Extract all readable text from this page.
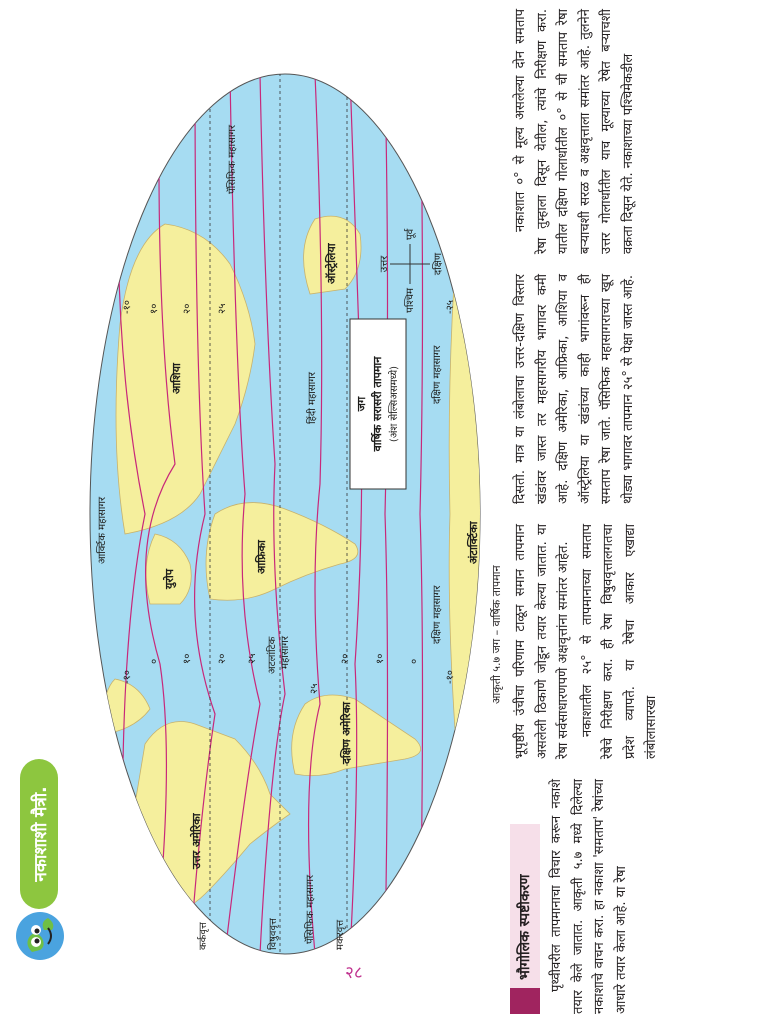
२८
नकाशाशी मैत्री.
कर्कवृत्त	विषुववृत्त	मकरवृत्त
उत्तर अमेरिका
दक्षिण अमेरिका
युरोप
आफ्रिका
आशिया
ऑस्ट्रेलिया
अंटार्क्टिका
पॅसिफिक महासागर
पॅसिफिक महासागर
अटलांटिक महासागर
हिंदी महासागर
आर्क्टिक महासागर
दक्षिण महासागर
दक्षिण महासागर
-१०
० १० २० २५
२५
२० १० ०
-१०
१० २० २५
-१०	-२५
जग वार्षिक सरासरी तापमान (अंश सेल्सिअसमध्ये)
उत्तर
पूर्व
पश्चिम
दक्षिण
आकृती ५.७ जग – वार्षिक तापमान
भौगोलिक स्पष्टीकरण पृथ्वीवरील तापमानाचा विचार करून नकाशे तयार केले जातात. आकृती ५.७ मध्ये दिलेल्या नकाशाचे वाचन करा. हा नकाशा 'समताप' रेषांच्या आधारे तयार केला आहे. या रेषा

भूपृष्ठीय उंचीचा परिणाम टाळून समान तापमान असलेली ठिकाणे जोडून तयार केल्या जातात. या रेषा सर्वसाधारणपणे अक्षवृत्तांना समांतर आहेत. नकाशातील २५° से तापमानाच्या समताप रेषेचे निरीक्षण करा. ही रेषा विषुववृत्तालगतचा प्रदेश व्यापते. या रेषेचा आकार एखाद्या लंबोलासारखा

दिसतो. मात्र या लंबोलाचा उत्तर-दक्षिण विस्तार खंडांवर जास्त तर महासागरीय भागावर कमी आहे. दक्षिण अमेरिका, आफ्रिका, आशिया व ऑस्ट्रेलिया या खंडांच्या काही भागांवरून ही समताप रेषा जाते. पॅसिफिक महासागराच्या खूप थोड्या भागावर तापमान २५° से पेक्षा जास्त आहे.

नकाशात ०° से मूल्य असलेल्या दोन समताप रेषा तुम्हाला दिसून येतील, त्यांचे निरीक्षण करा. यातील दक्षिण गोलार्धातील ०° से ची समताप रेषा बऱ्याचशी सरळ व अक्षवृत्ताला समांतर आहे. तुलनेने उत्तर गोलार्धातील याच मूल्याच्या रेषेत बऱ्याचशी वक्रता दिसून येते. नकाशाच्या पश्चिमेकडील
